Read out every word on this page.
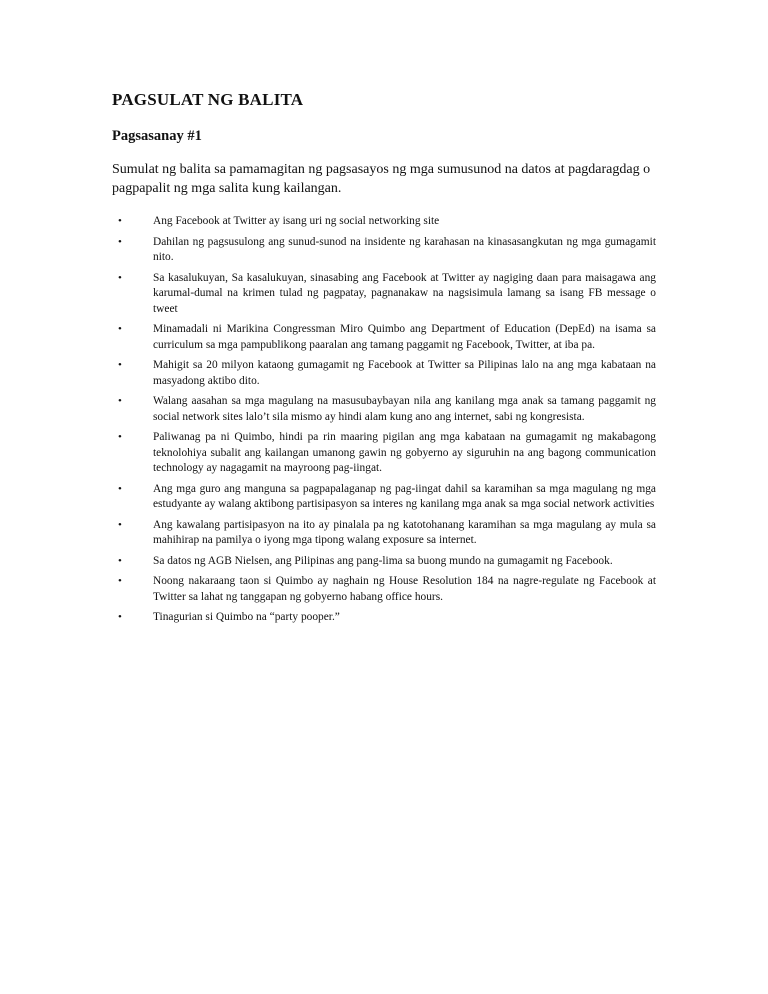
PAGSULAT NG BALITA
Pagsasanay #1

Sumulat ng balita sa pamamagitan ng pagsasayos ng mga sumusunod na datos at pagdaragdag o pagpapalit ng mga salita kung kailangan.

•	Ang Facebook at Twitter ay isang uri ng social networking site
•	Dahilan ng pagsusulong ang sunud-sunod na insidente ng karahasan na kinasasangkutan ng mga gumagamit nito.
•	Sa kasalukuyan, Sa kasalukuyan, sinasabing ang Facebook at Twitter ay nagiging daan para maisagawa ang karumal-dumal na krimen tulad ng pagpatay, pagnanakaw na nagsisimula lamang sa isang FB message o tweet
•	Minamadali ni Marikina Congressman Miro Quimbo ang Department of Education (DepEd) na isama sa curriculum sa mga pampublikong paaralan ang tamang paggamit ng Facebook, Twitter, at iba pa.
•	Mahigit sa 20 milyon kataong gumagamit ng Facebook at Twitter sa Pilipinas lalo na ang mga kabataan na masyadong aktibo dito.
•	Walang aasahan sa mga magulang na masusubaybayan nila ang kanilang mga anak sa tamang paggamit ng social network sites lalo’t sila mismo ay hindi alam kung ano ang internet, sabi ng kongresista.
•	Paliwanag pa ni Quimbo, hindi pa rin maaring pigilan ang mga kabataan na gumagamit ng makabagong teknolohiya subalit ang kailangan umanong gawin ng gobyerno ay siguruhin na ang bagong communication technology ay nagagamit na mayroong pag-iingat.
•	Ang mga guro ang manguna sa pagpapalaganap ng pag-iingat dahil sa karamihan sa mga magulang ng mga estudyante ay walang aktibong partisipasyon sa interes ng kanilang mga anak sa mga social network activities
•	Ang kawalang partisipasyon na ito ay pinalala pa ng katotohanang karamihan sa mga magulang ay mula sa mahihirap na pamilya o iyong mga tipong walang exposure sa internet.
•	Sa datos ng AGB Nielsen, ang Pilipinas ang pang-lima sa buong mundo na gumagamit ng Facebook.
•	Noong nakaraang taon si Quimbo ay naghain ng House Resolution 184 na nagre-regulate ng Facebook at Twitter sa lahat ng tanggapan ng gobyerno habang office hours.
•	Tinagurian si Quimbo na “party pooper.”
